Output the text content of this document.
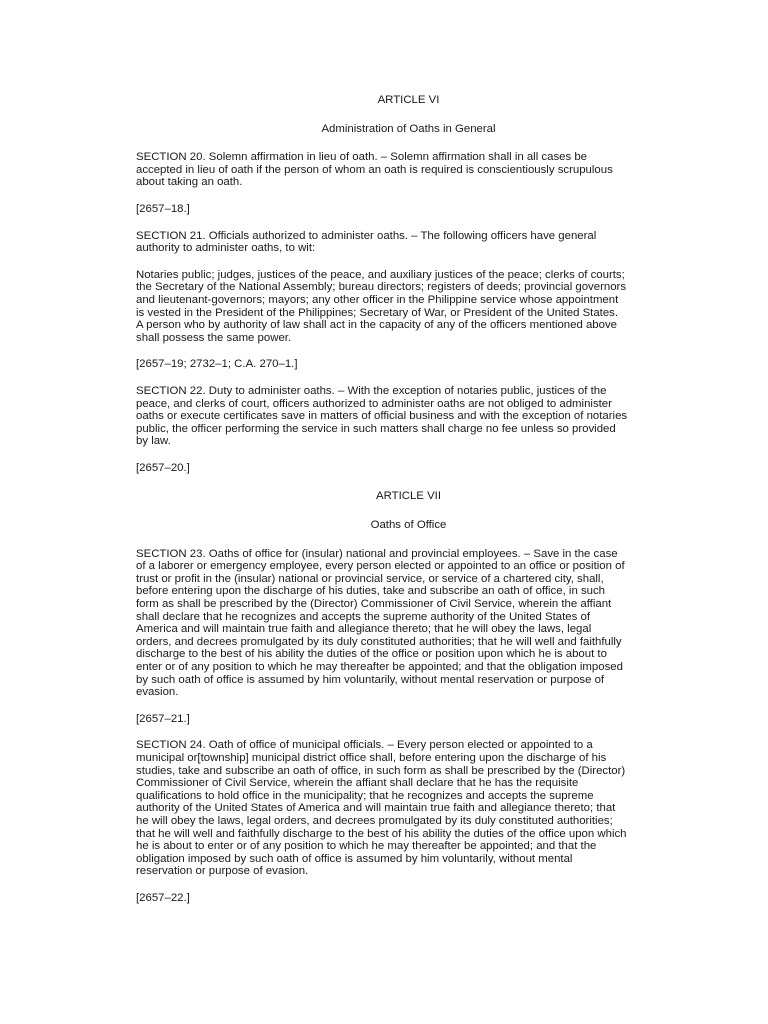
ARTICLE VI

Administration of Oaths in General

SECTION 20. Solemn affirmation in lieu of oath. – Solemn affirmation shall in all cases be
accepted in lieu of oath if the person of whom an oath is required is conscientiously scrupulous
about taking an oath.

[2657–18.]

SECTION 21. Officials authorized to administer oaths. – The following officers have general
authority to administer oaths, to wit:

Notaries public; judges, justices of the peace, and auxiliary justices of the peace; clerks of courts;
the Secretary of the National Assembly; bureau directors; registers of deeds; provincial governors
and lieutenant-governors; mayors; any other officer in the Philippine service whose appointment
is vested in the President of the Philippines; Secretary of War, or President of the United States.
A person who by authority of law shall act in the capacity of any of the officers mentioned above
shall possess the same power.

[2657–19; 2732–1; C.A. 270–1.]

SECTION 22. Duty to administer oaths. – With the exception of notaries public, justices of the
peace, and clerks of court, officers authorized to administer oaths are not obliged to administer
oaths or execute certificates save in matters of official business and with the exception of notaries
public, the officer performing the service in such matters shall charge no fee unless so provided
by law.

[2657–20.]

ARTICLE VII

Oaths of Office

SECTION 23. Oaths of office for (insular) national and provincial employees. – Save in the case
of a laborer or emergency employee, every person elected or appointed to an office or position of
trust or profit in the (insular) national or provincial service, or service of a chartered city, shall,
before entering upon the discharge of his duties, take and subscribe an oath of office, in such
form as shall be prescribed by the (Director) Commissioner of Civil Service, wherein the affiant
shall declare that he recognizes and accepts the supreme authority of the United States of
America and will maintain true faith and allegiance thereto; that he will obey the laws, legal
orders, and decrees promulgated by its duly constituted authorities; that he will well and faithfully
discharge to the best of his ability the duties of the office or position upon which he is about to
enter or of any position to which he may thereafter be appointed; and that the obligation imposed
by such oath of office is assumed by him voluntarily, without mental reservation or purpose of
evasion.

[2657–21.]

SECTION 24. Oath of office of municipal officials. – Every person elected or appointed to a
municipal or[township] municipal district office shall, before entering upon the discharge of his
studies, take and subscribe an oath of office, in such form as shall be prescribed by the (Director)
Commissioner of Civil Service, wherein the affiant shall declare that he has the requisite
qualifications to hold office in the municipality; that he recognizes and accepts the supreme
authority of the United States of America and will maintain true faith and allegiance thereto; that
he will obey the laws, legal orders, and decrees promulgated by its duly constituted authorities;
that he will well and faithfully discharge to the best of his ability the duties of the office upon which
he is about to enter or of any position to which he may thereafter be appointed; and that the
obligation imposed by such oath of office is assumed by him voluntarily, without mental
reservation or purpose of evasion.

[2657–22.]
